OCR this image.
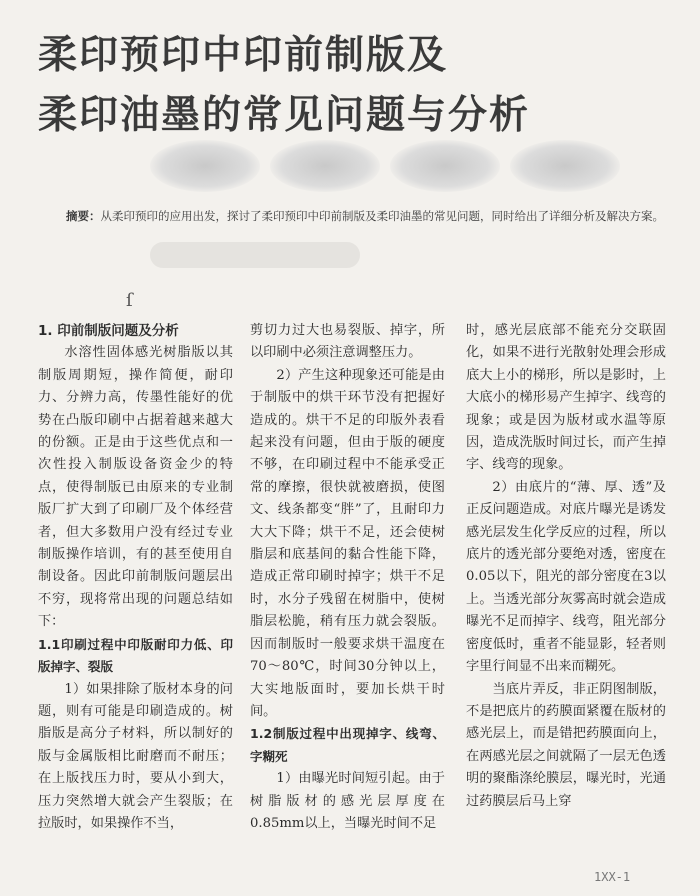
柔印预印中印前制版及
柔印油墨的常见问题与分析
摘要：从柔印预印的应用出发，探讨了柔印预印中印前制版及柔印油墨的常见问题，同时给出了详细分析及解决方案。
ſ

1. 印前制版问题及分析

水溶性固体感光树脂版以其制版周期短，操作简便，耐印力、分辨力高，传墨性能好的优势在凸版印刷中占据着越来越大的份额。正是由于这些优点和一次性投入制版设备资金少的特点，使得制版已由原来的专业制版厂扩大到了印刷厂及个体经营者，但大多数用户没有经过专业制版操作培训，有的甚至使用自制设备。因此印前制版问题层出不穷，现将常出现的问题总结如下：

1.1印刷过程中印版耐印力低、印版掉字、裂版

1）如果排除了版材本身的问题，则有可能是印刷造成的。树脂版是高分子材料，所以制好的版与金属版相比耐磨而不耐压；在上版找压力时，要从小到大，压力突然增大就会产生裂版；在拉版时，如果操作不当，

剪切力过大也易裂版、掉字，所以印刷中必须注意调整压力。

2）产生这种现象还可能是由于制版中的烘干环节没有把握好造成的。烘干不足的印版外表看起来没有问题，但由于版的硬度不够，在印刷过程中不能承受正常的摩擦，很快就被磨损，使图文、线条都变“胖”了，且耐印力大大下降；烘干不足，还会使树脂层和底基间的黏合性能下降，造成正常印刷时掉字；烘干不足时，水分子残留在树脂中，使树脂层松脆，稍有压力就会裂版。因而制版时一般要求烘干温度在70～80℃，时间30分钟以上，大实地版面时，要加长烘干时间。

1.2制版过程中出现掉字、线弯、字糊死

1）由曝光时间短引起。由于树脂版材的感光层厚度在0.85mm以上，当曝光时间不足

时，感光层底部不能充分交联固化，如果不进行光散射处理会形成底大上小的梯形，所以是影时，上大底小的梯形易产生掉字、线弯的现象；或是因为版材或水温等原因，造成洗版时间过长，而产生掉字、线弯的现象。

2）由底片的“薄、厚、透”及正反问题造成。对底片曝光是诱发感光层发生化学反应的过程，所以底片的透光部分要绝对透，密度在0.05以下，阻光的部分密度在3以上。当透光部分灰雾高时就会造成曝光不足而掉字、线弯，阻光部分密度低时，重者不能显影，轻者则字里行间显不出来而糊死。

当底片弄反，非正阴图制版，不是把底片的药膜面紧覆在版材的感光层上，而是错把药膜面向上，在两感光层之间就隔了一层无色透明的聚酯涤纶膜层，曝光时，光通过药膜层后马上穿

1XX-1
